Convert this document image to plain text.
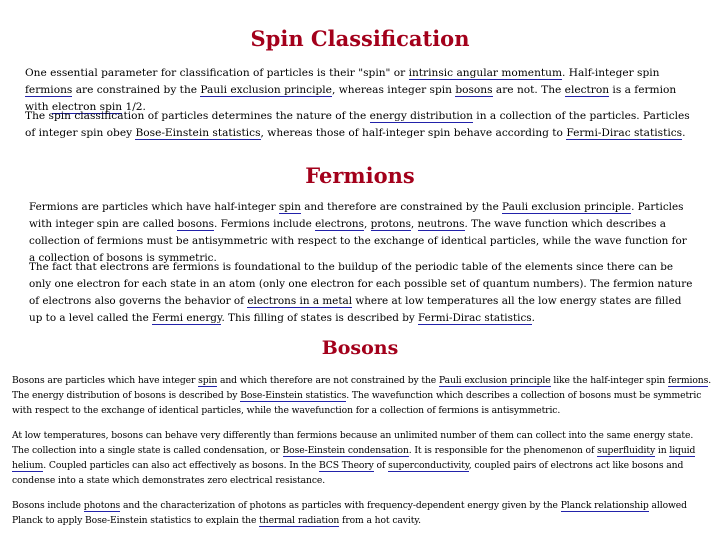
Spin Classification

One essential parameter for classification of particles is their "spin" or intrinsic angular momentum. Half-integer spin fermions are constrained by the Pauli exclusion principle, whereas integer spin bosons are not. The electron is a fermion with electron spin 1/2.

The spin classification of particles determines the nature of the energy distribution in a collection of the particles. Particles of integer spin obey Bose-Einstein statistics, whereas those of half-integer spin behave according to Fermi-Dirac statistics.

Fermions

Fermions are particles which have half-integer spin and therefore are constrained by the Pauli exclusion principle. Particles with integer spin are called bosons. Fermions include electrons, protons, neutrons. The wave function which describes a collection of fermions must be antisymmetric with respect to the exchange of identical particles, while the wave function for a collection of bosons is symmetric.

The fact that electrons are fermions is foundational to the buildup of the periodic table of the elements since there can be only one electron for each state in an atom (only one electron for each possible set of quantum numbers). The fermion nature of electrons also governs the behavior of electrons in a metal where at low temperatures all the low energy states are filled up to a level called the Fermi energy. This filling of states is described by Fermi-Dirac statistics.

Bosons

Bosons are particles which have integer spin and which therefore are not constrained by the Pauli exclusion principle like the half-integer spin fermions. The energy distribution of bosons is described by Bose-Einstein statistics. The wavefunction which describes a collection of bosons must be symmetric with respect to the exchange of identical particles, while the wavefunction for a collection of fermions is antisymmetric.

At low temperatures, bosons can behave very differently than fermions because an unlimited number of them can collect into the same energy state. The collection into a single state is called condensation, or Bose-Einstein condensation. It is responsible for the phenomenon of superfluidity in liquid helium. Coupled particles can also act effectively as bosons. In the BCS Theory of superconductivity, coupled pairs of electrons act like bosons and condense into a state which demonstrates zero electrical resistance.

Bosons include photons and the characterization of photons as particles with frequency-dependent energy given by the Planck relationship allowed Planck to apply Bose-Einstein statistics to explain the thermal radiation from a hot cavity.
